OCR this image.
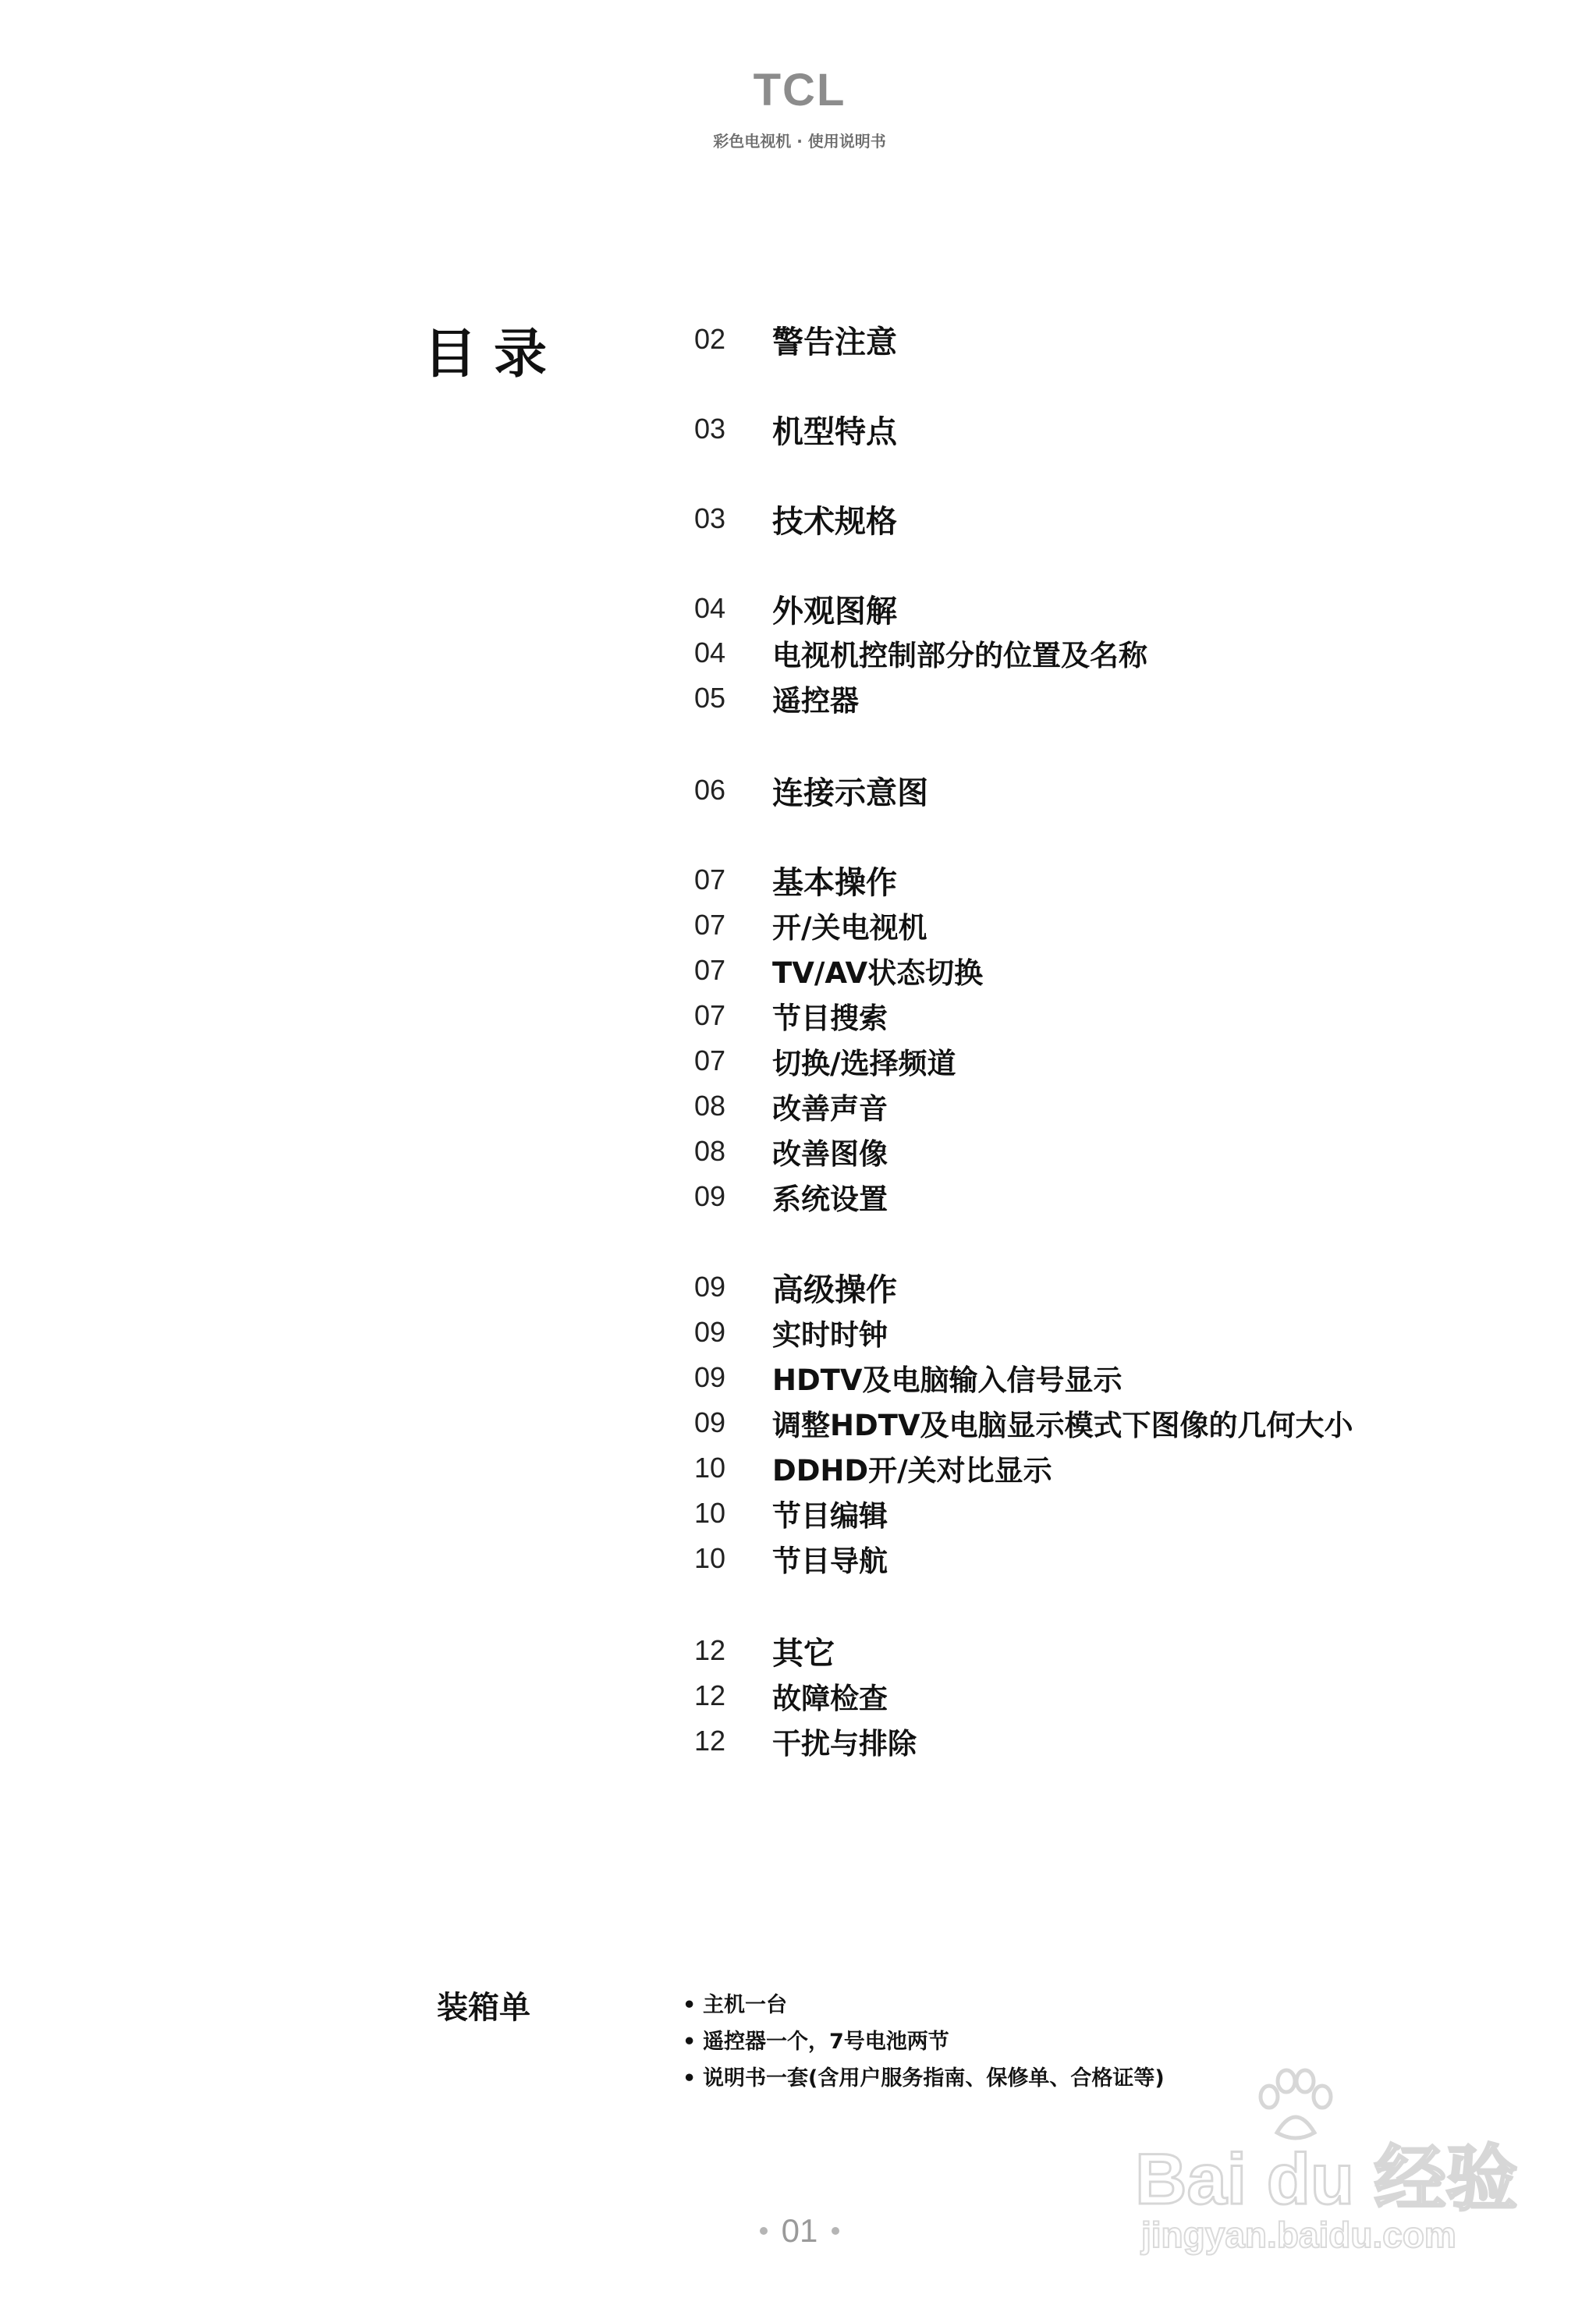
TCL
彩色电视机 · 使用说明书
目录	02	警告注意
03	机型特点
03	技术规格
04	外观图解
04	电视机控制部分的位置及名称
05	遥控器
06	连接示意图
07	基本操作
07	开/关电视机
07	TV/AV状态切换
07	节目搜索
07	切换/选择频道
08	改善声音
08	改善图像
09	系统设置
09	高级操作
09	实时时钟
09	HDTV及电脑输入信号显示
09	调整HDTV及电脑显示模式下图像的几何大小
10	DDHD开/关对比显示
10	节目编辑
10	节目导航
12	其它
12	故障检查
12	干扰与排除
装箱单	• 主机一台
• 遥控器一个，7号电池两节
• 说明书一套(含用户服务指南、保修单、合格证等)
01
Bai du 经验
jingyan.baidu.com
